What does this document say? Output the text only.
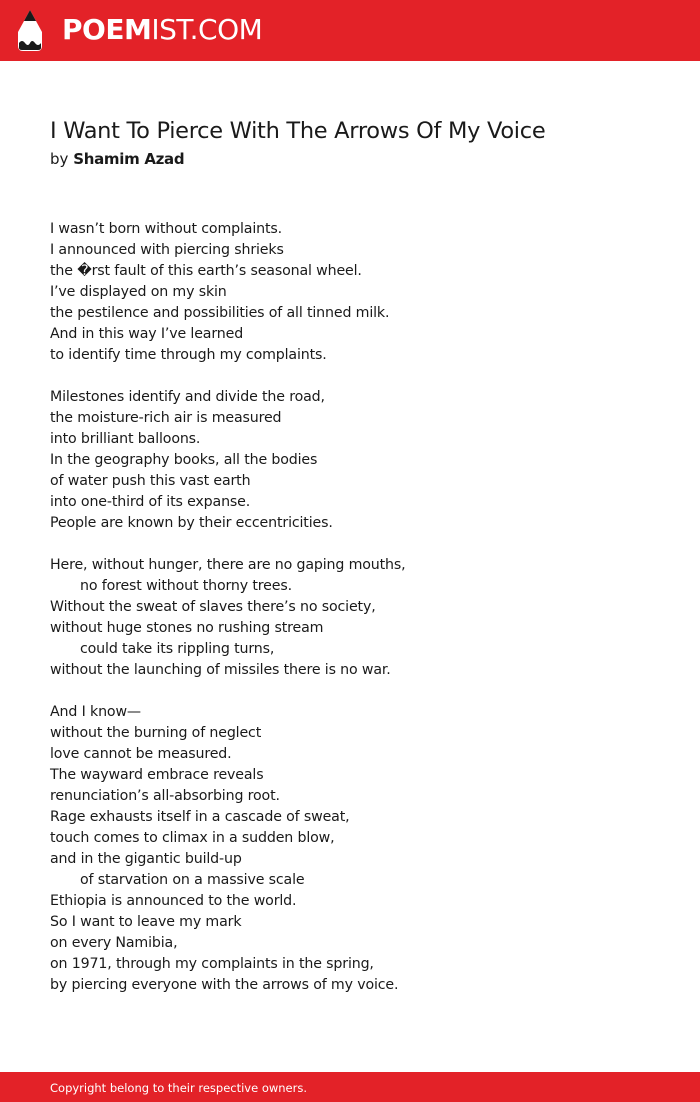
POEMIST.COM
I Want To Pierce With The Arrows Of My Voice
by Shamim Azad
I wasn’t born without complaints.
I announced with piercing shrieks
the �rst fault of this earth’s seasonal wheel.
I’ve displayed on my skin
the pestilence and possibilities of all tinned milk.
And in this way I’ve learned
to identify time through my complaints.
Milestones identify and divide the road,
the moisture-rich air is measured
into brilliant balloons.
In the geography books, all the bodies
of water push this vast earth
into one-third of its expanse.
People are known by their eccentricities.
Here, without hunger, there are no gaping mouths,
no forest without thorny trees.
Without the sweat of slaves there’s no society,
without huge stones no rushing stream
could take its rippling turns,
without the launching of missiles there is no war.
And I know—
without the burning of neglect
love cannot be measured.
The wayward embrace reveals
renunciation’s all-absorbing root.
Rage exhausts itself in a cascade of sweat,
touch comes to climax in a sudden blow,
and in the gigantic build-up
of starvation on a massive scale
Ethiopia is announced to the world.
So I want to leave my mark
on every Namibia,
on 1971, through my complaints in the spring,
by piercing everyone with the arrows of my voice.
Copyright belong to their respective owners.
